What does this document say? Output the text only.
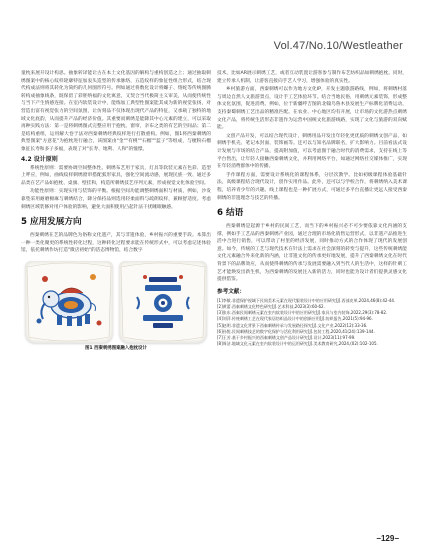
Vol.47/No.10/Westleather

童枕来展开设计构思。抽象转译能让古在本土文化基因的解构与重构创造之上；通过抽取刺绣图案中的核心纹样轮廓特征加衷头造型的传承脉络，五造纹样的象征性组合形式，结合现代构成法则将其转化为简约的几何图形符号。例如通过将数化设计将螺子、熔蛇等传统图腾转构成抽象线条，既保留了彩胚纳福的文化寓意，又契合当代极简主义审美，从而使传统性与当下产生情感连接。在室内软装设计中，能练加工典型性图案能其成为新的视觉张扬，对营造出富有视觉张力的空间氛围，让仿刻品不仅体现出现代产品的特征，又承载了独特的地域文化底韵，从而提升产品的经济价值。其重要而刺绣是能降其中心元素的建立，可以采取再种实践方法：第一是将刺绣图式完整应用于抱枕、窗帘，亲布之类的有艺的空间品；第二是结构重组，运用解大卷于法对西秦刺绣经典纹样进行打散重构。例如，图1将西秦刺绣的典型图案"方意花"为抱枕进行融合，该图案由"金""有桃""石榴""蓝子"等组成，与梳粉石榴象征长寿和多子多福，表现了对"长寿、地利、人和"的憧憬。

4.2 设计原则

系统性原则：需要协调空间整体性。刺绣布艺用于家具，灯具等软装元素在色彩、造型上呼应，例如，曲线纹样刺绣窗帘搭配弧形家具，强化空间流动感，展现民族一致、通过多品类在艺产品如抱枕、桌旗、壁挂和，构造所刺绣技艺序列元素，形成视觉文化体验空间。

功能性原则：实现实用与装饰的平衡。根据空间功能调整刺绣面积与材质，例如，沙发靠垫采用耐磨棉麻与刺绣结合，降分保持品则选用轻柔面料与疏朗纹样，兼顾舒适度。考虑刺绣区域装修对用户体验的影响，避免大面积使用凸起针法干扰睡眠触感。

5 应用发展方向

西秦刺绣在艺的品牌色为俗称文化遗产，其与非遗体验，乡村振兴的重要手段。本算出一种一类化聚更的系统性转化过程，这种转化过程要求能在传统形式中，可以考虑记述体验馆，依托刺绣作坊打造"微店初始"的活态博物馆，结合数字

图1 西秦刺绣图案融入抱枕设计

技术，比如AR展示刺绣工艺，或者互动装置让游客参与制作布艺纺织品如刺绣抱枕。同时，建立传承人机制，让游客直接向手艺人学习，增强体验的真实性。

乡村旅游方面，西秦刺绣可以作为地方文化IP，开发主题旅游路线，例如，将刺绣村落与周边自然人文旅游景点，设计手工艺体验环节。结合当地民俗，用刺绣元素装饰，形成整体文化氛围，促进消费。例如，位于新疆呼吉图的北翰乌鲁木县发展生产标牌化消费运动，支持秦蜀刺绣工艺出品的精准匹配。在农业、中心地区均有开展，让市场的文化游热点刺绣文化产品，将传统生活形态非遗作为运营中国统文化旅游线路，实现了文化与旅游的双向赋能。

文创产品开发，可以结合现代设计，刺绣用品开发出年轻化更优质的刺绣文创产品，如刺绣手机壳、笔记本封面、装饰画等。还可以与知名品牌联名，扩大影响力。目前看法式设计发展与市场的结合产品，提高附加值，可以考虑图于融合时代的消费需求，支持在线上等平台售出，让年轻人接触西秦刺绣文化，并利用网络平台，如通过网络社交媒体推广，实现在年轻消费群体中的传播。

手作课程方面，需要设计系统化的课程体系，分层次教学。比如初级课程体验基础针法，高级课程结合现代设计，创作实用作品。此外，还可以与学校合作，将刺绣纳入美术课程，培养青少年的兴趣。线上课程也是一种扩展方式，可通过多平台直播让更远人接受西秦刺绣的非遗理念与技艺的传播。

6 结语

西秦刺绣是起源于乡村的民间工艺，而当下的乡村振兴必不可少要依靠文化内涵的支撑，例如手工艺品的西秦刺绣产业园，通过合理的市场化销售运营形式，以非遗产品推进生活中合进行销售，可以带动了村里的经济发展，同时推动方式的合作体现了现代的发展创意。如今，传统的工艺与现代技术在针法上需求在社会深刻的转变与提升，这些传统刺绣能文化元素融合外来化新的内涵，让非遗文化的传承更好地发展，提升了西秦刺绣文化在时代背景下的品牌效应，从而使得刺绣的传承与发展需要融入到当代人的生活中，这样的针刺工艺才能焕发出新生机，为西秦刺绣的发展注入新的活力，同时也能为设计者们提供灵感文化提供借鉴。

参考文献：

[1]李敏.非遗保护视域下民间美术元素在现代服装设计中的应用研究[J].西部皮革,2024,46(8):42-44.

[2]黄蕾.西秦刺绣文化特色研究[J].艺术科技,2023(3):60-62.

[3]张东.西秦民间刺绣元素在室内软装设计中的应用研究[J].家具与室内装饰,2022,29(3):78-82.

[4]刘萍.传统刺绣工艺在现代家居纺织品设计中的创新应用[J].纺织报告,2021(5):94-96.

[5]赵明.非遗文化背景下西秦刺绣传承与发展路径探究[J].文化产业,2022(12):33-36.

[6]孙悦.民间刺绣技艺的数字化保护与活化利用研究[J].包装工程,2020,41(24):139-144.

[7]王芳.基于乡村振兴的西秦刺绣文创产品设计研究[J].设计,2023(11):97-99.

[8]周洁.地域文化元素在室内软装设计中的运用研究[J].美术教育研究,2024,(02):102-105.

−129−
